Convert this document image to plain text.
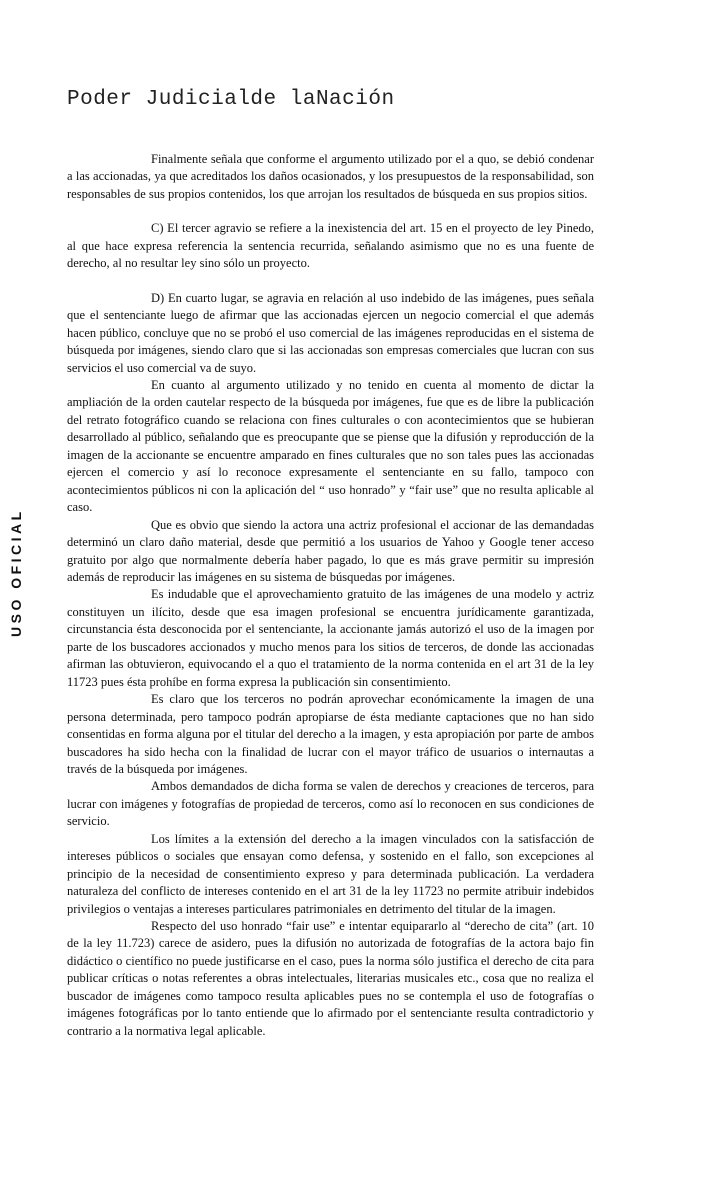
Poder Judicialde laNación
USO OFICIAL

Finalmente señala que conforme el argumento utilizado por el a quo, se debió condenar a las accionadas, ya que acreditados los daños ocasionados, y los presupuestos de la responsabilidad, son responsables de sus propios contenidos, los que arrojan los resultados de búsqueda en sus propios sitios.

C) El tercer agravio se refiere a la inexistencia del art. 15 en el proyecto de ley Pinedo, al que hace expresa referencia la sentencia recurrida, señalando asimismo que no es una fuente de derecho, al no resultar ley sino sólo un proyecto.

D) En cuarto lugar, se agravia en relación al uso indebido de las imágenes, pues señala que el sentenciante luego de afirmar que las accionadas ejercen un negocio comercial el que además hacen público, concluye que no se probó el uso comercial de las imágenes reproducidas en el sistema de búsqueda por imágenes, siendo claro que si las accionadas son empresas comerciales que lucran con sus servicios el uso comercial va de suyo.

En cuanto al argumento utilizado y no tenido en cuenta al momento de dictar la ampliación de la orden cautelar respecto de la búsqueda por imágenes, fue que es de libre la publicación del retrato fotográfico cuando se relaciona con fines culturales o con acontecimientos que se hubieran desarrollado al público, señalando que es preocupante que se piense que la difusión y reproducción de la imagen de la accionante se encuentre amparado en fines culturales que no son tales pues las accionadas ejercen el comercio y así lo reconoce expresamente el sentenciante en su fallo, tampoco con acontecimientos públicos ni con la aplicación del “ uso honrado” y “fair use” que no resulta aplicable al caso.

Que es obvio que siendo la actora una actriz profesional el accionar de las demandadas determinó un claro daño material, desde que permitió a los usuarios de Yahoo y Google tener acceso gratuito por algo que normalmente debería haber pagado, lo que es más grave permitir su impresión además de reproducir las imágenes en su sistema de búsquedas por imágenes.

Es indudable que el aprovechamiento gratuito de las imágenes de una modelo y actriz constituyen un ilícito, desde que esa imagen profesional se encuentra jurídicamente garantizada, circunstancia ésta desconocida por el sentenciante, la accionante jamás autorizó el uso de la imagen por parte de los buscadores accionados y mucho menos para los sitios de terceros, de donde las accionadas afirman las obtuvieron, equivocando el a quo el tratamiento de la norma contenida en el art 31 de la ley 11723 pues ésta prohíbe en forma expresa la publicación sin consentimiento.

Es claro que los terceros no podrán aprovechar económicamente la imagen de una persona determinada, pero tampoco podrán apropiarse de ésta mediante captaciones que no han sido consentidas en forma alguna por el titular del derecho a la imagen, y esta apropiación por parte de ambos buscadores ha sido hecha con la finalidad de lucrar con el mayor tráfico de usuarios o internautas a través de la búsqueda por imágenes.

Ambos demandados de dicha forma se valen de derechos y creaciones de terceros, para lucrar con imágenes y fotografías de propiedad de terceros, como así lo reconocen en sus condiciones de servicio.

Los límites a la extensión del derecho a la imagen vinculados con la satisfacción de intereses públicos o sociales que ensayan como defensa, y sostenido en el fallo, son excepciones al principio de la necesidad de consentimiento expreso y para determinada publicación. La verdadera naturaleza del conflicto de intereses contenido en el art 31 de la ley 11723 no permite atribuir indebidos privilegios o ventajas a intereses particulares patrimoniales en detrimento del titular de la imagen.

Respecto del uso honrado “fair use” e intentar equipararlo al “derecho de cita” (art. 10 de la ley 11.723) carece de asidero, pues la difusión no autorizada de fotografías de la actora bajo fin didáctico o científico no puede justificarse en el caso, pues la norma sólo justifica el derecho de cita para publicar críticas o notas referentes a obras intelectuales, literarias musicales etc., cosa que no realiza el buscador de imágenes como tampoco resulta aplicables pues no se contempla el uso de fotografías o imágenes fotográficas por lo tanto entiende que lo afirmado por el sentenciante resulta contradictorio y contrario a la normativa legal aplicable.
